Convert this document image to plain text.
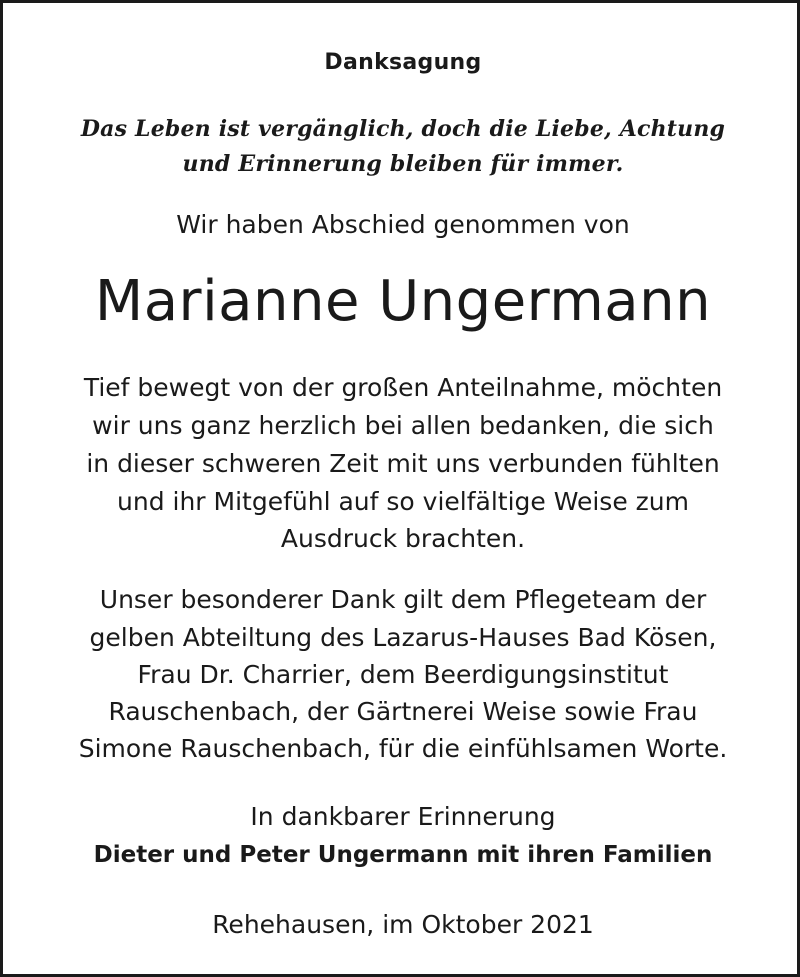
Danksagung
Das Leben ist vergänglich, doch die Liebe, Achtung
und Erinnerung bleiben für immer.
Wir haben Abschied genommen von
Marianne Ungermann
Tief bewegt von der großen Anteilnahme, möchten
wir uns ganz herzlich bei allen bedanken, die sich
in dieser schweren Zeit mit uns verbunden fühlten
und ihr Mitgefühl auf so vielfältige Weise zum
Ausdruck brachten.
Unser besonderer Dank gilt dem Pflegeteam der
gelben Abteiltung des Lazarus-Hauses Bad Kösen,
Frau Dr. Charrier, dem Beerdigungsinstitut
Rauschenbach, der Gärtnerei Weise sowie Frau
Simone Rauschenbach, für die einfühlsamen Worte.
In dankbarer Erinnerung
Dieter und Peter Ungermann mit ihren Familien
Rehehausen, im Oktober 2021
